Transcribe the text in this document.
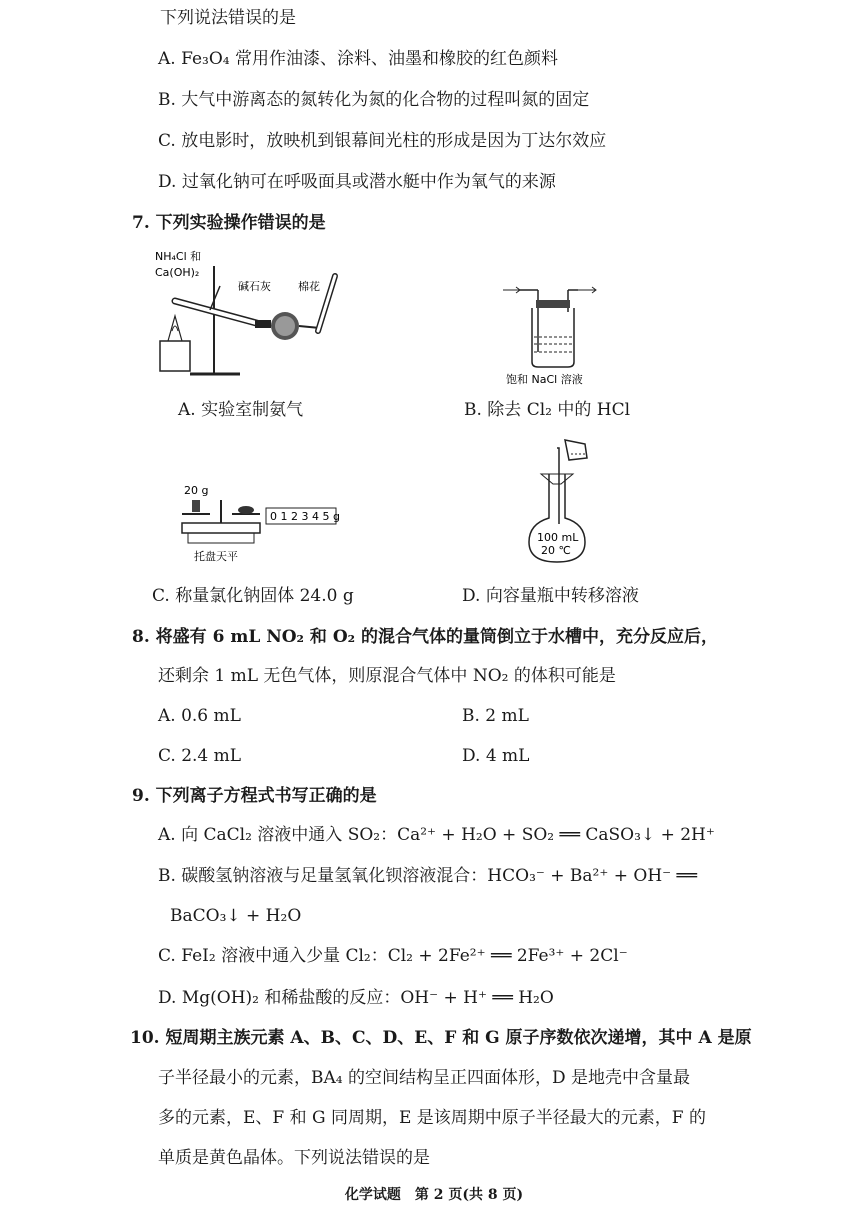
下列说法错误的是
A. Fe₃O₄ 常用作油漆、涂料、油墨和橡胶的红色颜料
B. 大气中游离态的氮转化为氮的化合物的过程叫氮的固定
C. 放电影时，放映机到银幕间光柱的形成是因为丁达尔效应
D. 过氧化钠可在呼吸面具或潜水艇中作为氧气的来源
7. 下列实验操作错误的是
NH₄Cl 和
Ca(OH)₂
碱石灰 棉花
A. 实验室制氨气
饱和 NaCl 溶液
B. 除去 Cl₂ 中的 HCl
20 g
0 1 2 3 4 5 g
托盘天平
C. 称量氯化钠固体 24.0 g
100 mL
20 ℃
D. 向容量瓶中转移溶液
8. 将盛有 6 mL NO₂ 和 O₂ 的混合气体的量筒倒立于水槽中，充分反应后，
还剩余 1 mL 无色气体，则原混合气体中 NO₂ 的体积可能是
A. 0.6 mL	B. 2 mL
C. 2.4 mL	D. 4 mL
9. 下列离子方程式书写正确的是
A. 向 CaCl₂ 溶液中通入 SO₂：Ca²⁺ + H₂O + SO₂ ══ CaSO₃↓ + 2H⁺
B. 碳酸氢钠溶液与足量氢氧化钡溶液混合：HCO₃⁻ + Ba²⁺ + OH⁻ ══
BaCO₃↓ + H₂O
C. FeI₂ 溶液中通入少量 Cl₂：Cl₂ + 2Fe²⁺ ══ 2Fe³⁺ + 2Cl⁻
D. Mg(OH)₂ 和稀盐酸的反应：OH⁻ + H⁺ ══ H₂O
10. 短周期主族元素 A、B、C、D、E、F 和 G 原子序数依次递增，其中 A 是原
子半径最小的元素，BA₄ 的空间结构呈正四面体形，D 是地壳中含量最
多的元素，E、F 和 G 同周期，E 是该周期中原子半径最大的元素，F 的
单质是黄色晶体。下列说法错误的是
化学试题　第 2 页(共 8 页)
